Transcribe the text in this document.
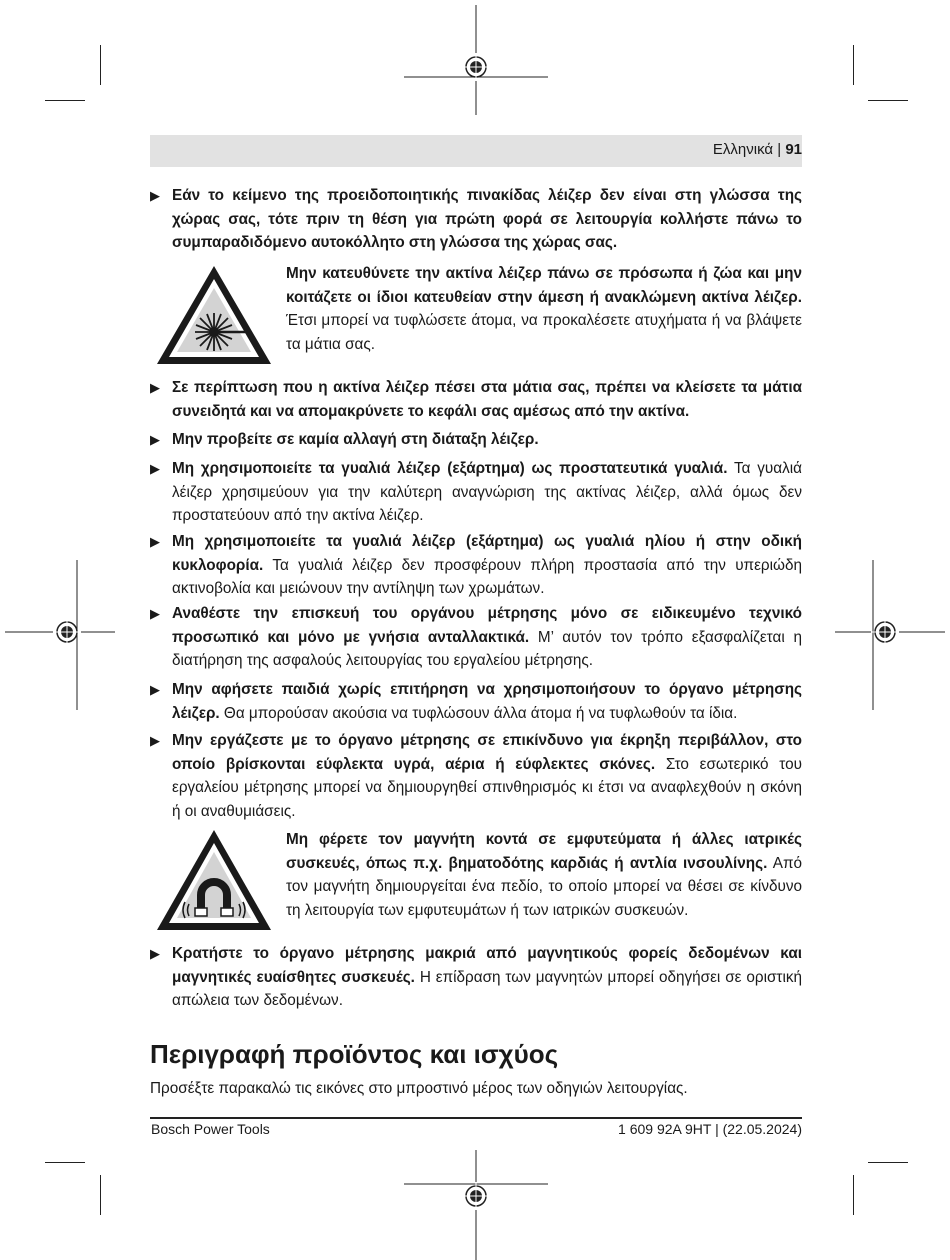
Ελληνικά | 91
▶ Εάν το κείμενο της προειδοποιητικής πινακίδας λέιζερ δεν είναι στη γλώσσα της χώρας σας, τότε πριν τη θέση για πρώτη φορά σε λειτουργία κολλήστε πάνω το συμπαραδιδόμενο αυτοκόλλητο στη γλώσσα της χώρας σας.
Μην κατευθύνετε την ακτίνα λέιζερ πάνω σε πρόσωπα ή ζώα και μην κοιτάζετε οι ίδιοι κατευθείαν στην άμεση ή ανακλώμενη ακτίνα λέιζερ. Έτσι μπορεί να τυφλώσετε άτομα, να προκαλέσετε ατυχήματα ή να βλάψετε τα μάτια σας.
▶ Σε περίπτωση που η ακτίνα λέιζερ πέσει στα μάτια σας, πρέπει να κλείσετε τα μάτια συνειδητά και να απομακρύνετε το κεφάλι σας αμέσως από την ακτίνα.
▶ Μην προβείτε σε καμία αλλαγή στη διάταξη λέιζερ.
▶ Μη χρησιμοποιείτε τα γυαλιά λέιζερ (εξάρτημα) ως προστατευτικά γυαλιά. Τα γυαλιά λέιζερ χρησιμεύουν για την καλύτερη αναγνώριση της ακτίνας λέιζερ, αλλά όμως δεν προστατεύουν από την ακτίνα λέιζερ.
▶ Μη χρησιμοποιείτε τα γυαλιά λέιζερ (εξάρτημα) ως γυαλιά ηλίου ή στην οδική κυκλοφορία. Τα γυαλιά λέιζερ δεν προσφέρουν πλήρη προστασία από την υπεριώδη ακτινοβολία και μειώνουν την αντίληψη των χρωμάτων.
▶ Αναθέστε την επισκευή του οργάνου μέτρησης μόνο σε ειδικευμένο τεχνικό προσωπικό και μόνο με γνήσια ανταλλακτικά. Μ’ αυτόν τον τρόπο εξασφαλίζεται η διατήρηση της ασφαλούς λειτουργίας του εργαλείου μέτρησης.
▶ Μην αφήσετε παιδιά χωρίς επιτήρηση να χρησιμοποιήσουν το όργανο μέτρησης λέιζερ. Θα μπορούσαν ακούσια να τυφλώσουν άλλα άτομα ή να τυφλωθούν τα ίδια.
▶ Μην εργάζεστε με το όργανο μέτρησης σε επικίνδυνο για έκρηξη περιβάλλον, στο οποίο βρίσκονται εύφλεκτα υγρά, αέρια ή εύφλεκτες σκόνες. Στο εσωτερικό του εργαλείου μέτρησης μπορεί να δημιουργηθεί σπινθηρισμός κι έτσι να αναφλεχθούν η σκόνη ή οι αναθυμιάσεις.
Μη φέρετε τον μαγνήτη κοντά σε εμφυτεύματα ή άλλες ιατρικές συσκευές, όπως π.χ. βηματοδότης καρδιάς ή αντλία ινσουλίνης. Από τον μαγνήτη δημιουργείται ένα πεδίο, το οποίο μπορεί να θέσει σε κίνδυνο τη λειτουργία των εμφυτευμάτων ή των ιατρικών συσκευών.
▶ Κρατήστε το όργανο μέτρησης μακριά από μαγνητικούς φορείς δεδομένων και μαγνητικές ευαίσθητες συσκευές. Η επίδραση των μαγνητών μπορεί οδηγήσει σε οριστική απώλεια των δεδομένων.
Περιγραφή προϊόντος και ισχύος
Προσέξτε παρακαλώ τις εικόνες στο μπροστινό μέρος των οδηγιών λειτουργίας.
Bosch Power Tools	1 609 92A 9HT | (22.05.2024)
